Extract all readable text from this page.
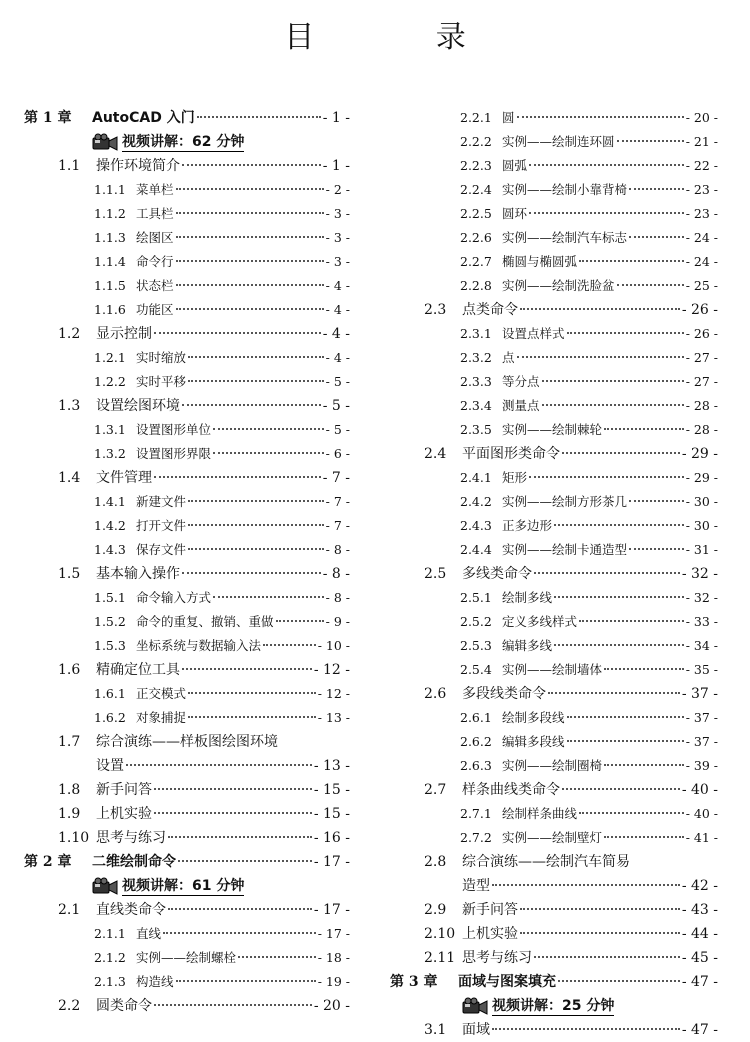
目 录
第 1 章	AutoCAD 入门	- 1 -
视频讲解：62 分钟
1.1	操作环境简介	- 1 -
1.1.1 菜单栏	- 2 -
1.1.2 工具栏	- 3 -
1.1.3 绘图区	- 3 -
1.1.4 命令行	- 3 -
1.1.5 状态栏	- 4 -
1.1.6 功能区	- 4 -
1.2	显示控制	- 4 -
1.2.1 实时缩放	- 4 -
1.2.2 实时平移	- 5 -
1.3	设置绘图环境	- 5 -
1.3.1 设置图形单位	- 5 -
1.3.2 设置图形界限	- 6 -
1.4	文件管理	- 7 -
1.4.1 新建文件	- 7 -
1.4.2 打开文件	- 7 -
1.4.3 保存文件	- 8 -
1.5	基本输入操作	- 8 -
1.5.1 命令输入方式	- 8 -
1.5.2 命令的重复、撤销、重做	- 9 -
1.5.3 坐标系统与数据输入法	- 10 -
1.6	精确定位工具	- 12 -
1.6.1 正交模式	- 12 -
1.6.2 对象捕捉	- 13 -
1.7	综合演练——样板图绘图环境
设置	- 13 -
1.8	新手问答	- 15 -
1.9	上机实验	- 15 -
1.10 思考与练习	- 16 -
第 2 章	二维绘制命令	- 17 -
视频讲解：61 分钟
2.1	直线类命令	- 17 -
2.1.1 直线	- 17 -
2.1.2 实例——绘制螺栓	- 18 -
2.1.3 构造线	- 19 -
2.2	圆类命令	- 20 -
2.2.1 圆	- 20 -
2.2.2 实例——绘制连环圆	- 21 -
2.2.3 圆弧	- 22 -
2.2.4 实例——绘制小靠背椅	- 23 -
2.2.5 圆环	- 23 -
2.2.6 实例——绘制汽车标志	- 24 -
2.2.7 椭圆与椭圆弧	- 24 -
2.2.8 实例——绘制洗脸盆	- 25 -
2.3	点类命令	- 26 -
2.3.1 设置点样式	- 26 -
2.3.2 点	- 27 -
2.3.3 等分点	- 27 -
2.3.4 测量点	- 28 -
2.3.5 实例——绘制棘轮	- 28 -
2.4	平面图形类命令	- 29 -
2.4.1 矩形	- 29 -
2.4.2 实例——绘制方形茶几	- 30 -
2.4.3 正多边形	- 30 -
2.4.4 实例——绘制卡通造型	- 31 -
2.5	多线类命令	- 32 -
2.5.1 绘制多线	- 32 -
2.5.2 定义多线样式	- 33 -
2.5.3 编辑多线	- 34 -
2.5.4 实例——绘制墙体	- 35 -
2.6	多段线类命令	- 37 -
2.6.1 绘制多段线	- 37 -
2.6.2 编辑多段线	- 37 -
2.6.3 实例——绘制圈椅	- 39 -
2.7	样条曲线类命令	- 40 -
2.7.1 绘制样条曲线	- 40 -
2.7.2 实例——绘制壁灯	- 41 -
2.8	综合演练——绘制汽车简易
造型	- 42 -
2.9	新手问答	- 43 -
2.10 上机实验	- 44 -
2.11 思考与练习	- 45 -
第 3 章	面域与图案填充	- 47 -
视频讲解：25 分钟
3.1	面域	- 47 -
